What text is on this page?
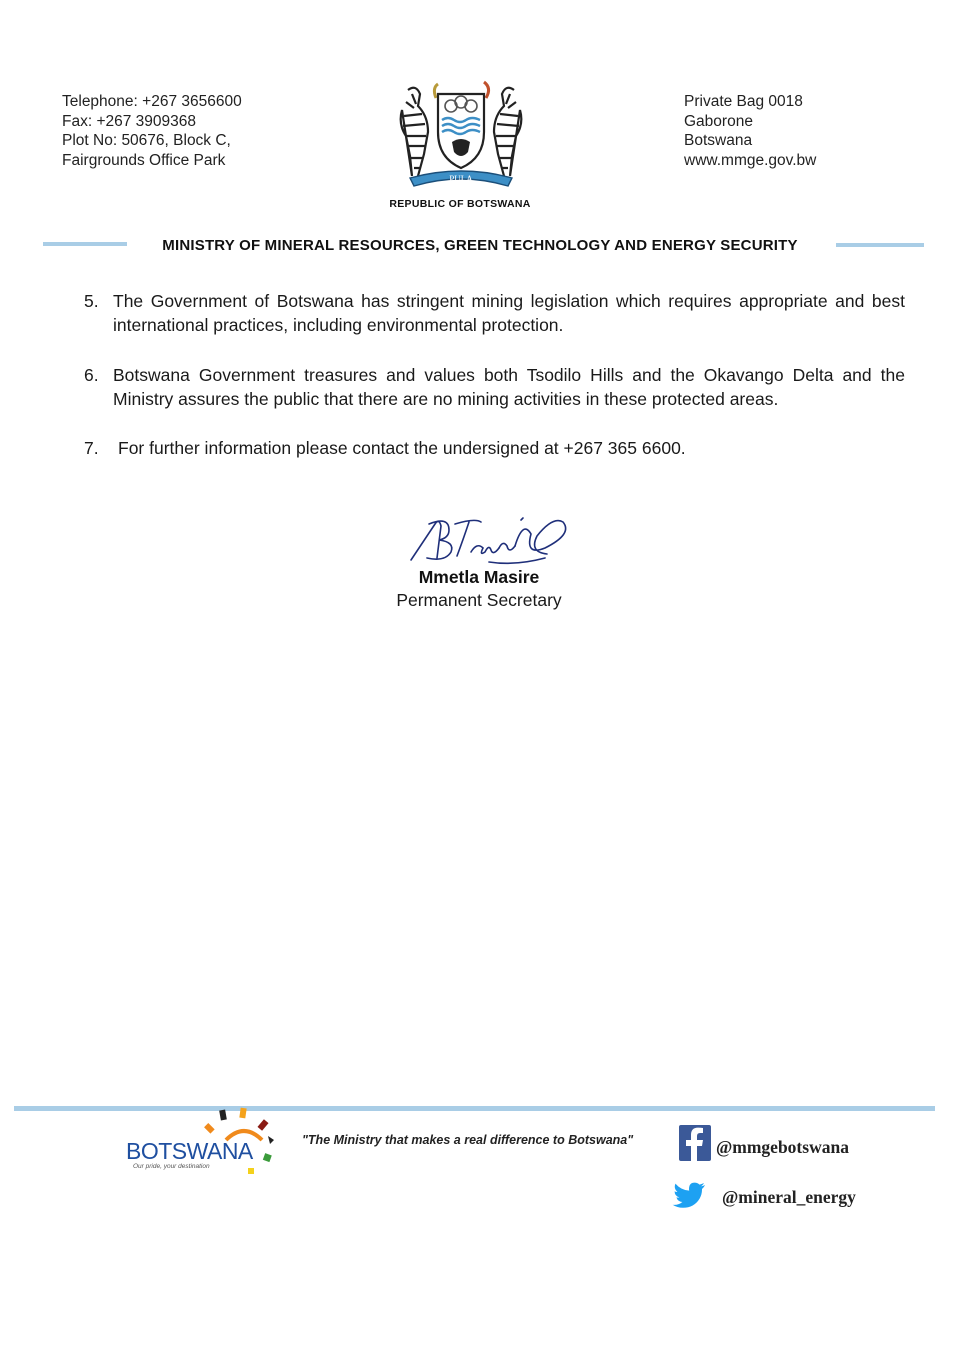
Telephone: +267 3656600
Fax: +267 3909368
Plot No: 50676, Block C,
Fairgrounds Office Park
PULA
Private Bag 0018
Gaborone
Botswana
www.mmge.gov.bw
REPUBLIC OF BOTSWANA
MINISTRY OF MINERAL RESOURCES, GREEN TECHNOLOGY AND ENERGY SECURITY
5. The Government of Botswana has stringent mining legislation which requires appropriate and best international practices, including environmental protection.
6. Botswana Government treasures and values both Tsodilo Hills and the Okavango Delta and the Ministry assures the public that there are no mining activities in these protected areas.
7. For further information please contact the undersigned at +267 365 6600.
Mmetla Masire
Permanent Secretary
BOTSWANA
Our pride, your destination
"The Ministry that makes a real difference to Botswana"	@mmgebotswana
@mineral_energy
